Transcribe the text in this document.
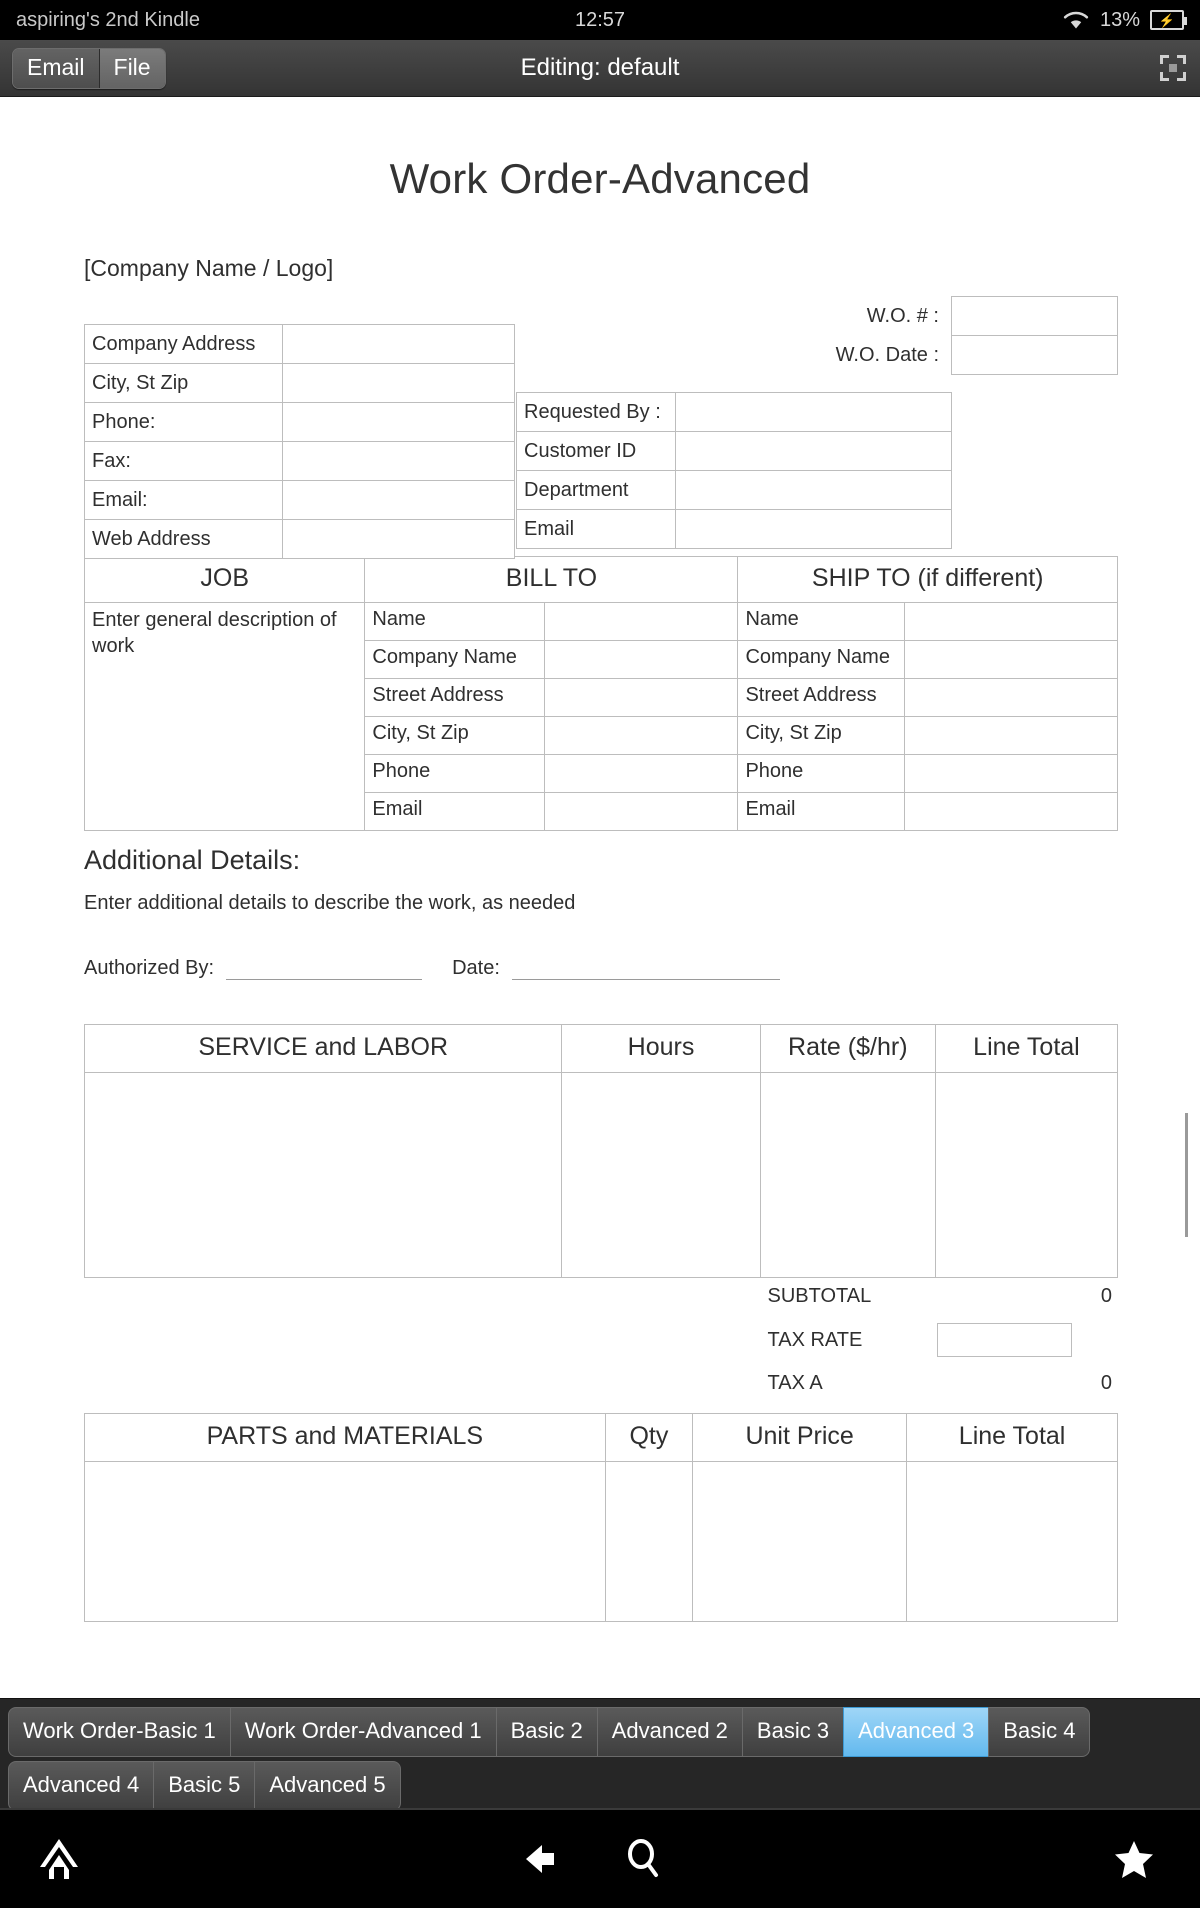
aspiring's 2nd Kindle	12:57	13% ⚡
Email	File	Editing: default
Work Order-Advanced
[Company Name / Logo]
W.O. # :	
W.O. Date :	
Company Address	
City, St Zip	
Phone:	
Fax:	
Email:	
Web Address	
Requested By :	
Customer ID	
Department	
Email	
JOB	BILL TO		SHIP TO (if different)	
Enter general description of work	Name		Name	
	Company Name		Company Name	
	Street Address		Street Address	
	City, St Zip		City, St Zip	
	Phone		Phone	
	Email		Email	
Additional Details:
Enter additional details to describe the work, as needed
Authorized By:	Date:
SERVICE and LABOR	Hours	Rate ($/hr)	Line Total

	SUBTOTAL	0
	TAX RATE	

	TAX A	0
PARTS and MATERIALS	Qty	Unit Price	Line Total

Work Order-Basic 1	Work Order-Advanced 1	Basic 2	Advanced 2	Basic 3	Advanced 3	Basic 4
Advanced 4	Basic 5	Advanced 5
